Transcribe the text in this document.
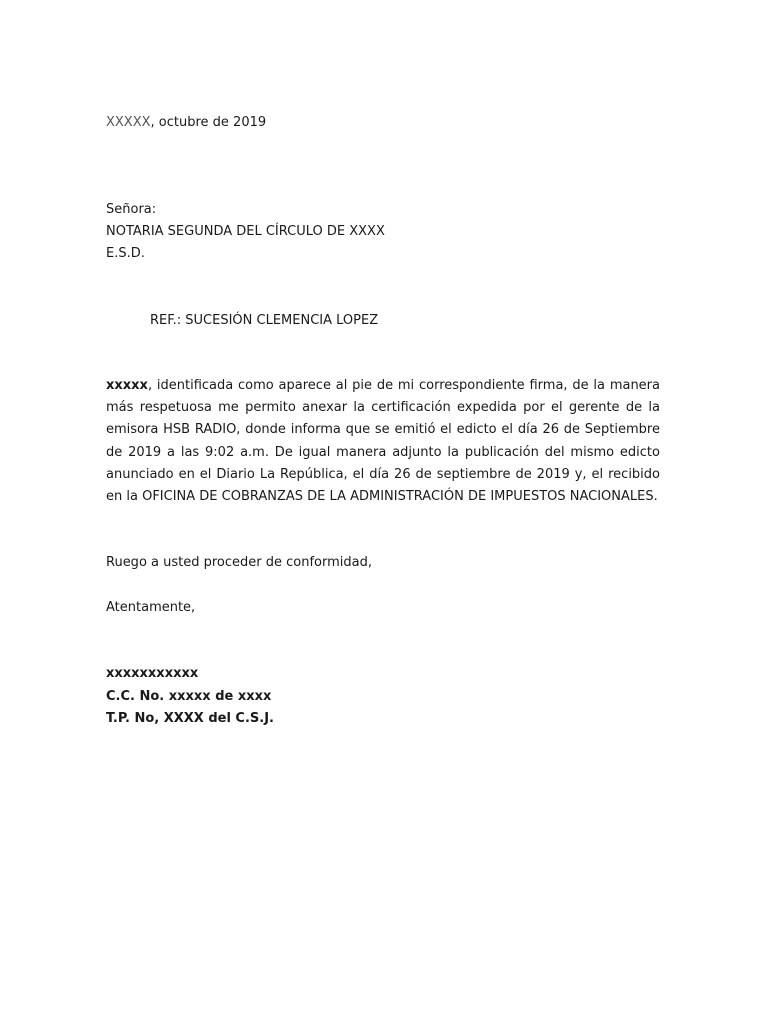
XXXXX, octubre de 2019
Señora:
NOTARIA SEGUNDA DEL CÍRCULO DE XXXX
E.S.D.
REF.: SUCESIÓN CLEMENCIA LOPEZ

xxxxx, identificada como aparece al pie de mi correspondiente firma, de la manera más respetuosa me permito anexar la certificación expedida por el gerente de la emisora HSB RADIO, donde informa que se emitió el edicto el día 26 de Septiembre de 2019 a las 9:02 a.m. De igual manera adjunto la publicación del mismo edicto anunciado en el Diario La República, el día 26 de septiembre de 2019 y, el recibido en la OFICINA DE COBRANZAS DE LA ADMINISTRACIÓN DE IMPUESTOS NACIONALES.

Ruego a usted proceder de conformidad,
Atentamente,
xxxxxxxxxxx
C.C. No. xxxxx de xxxx
T.P. No, XXXX del C.S.J.
